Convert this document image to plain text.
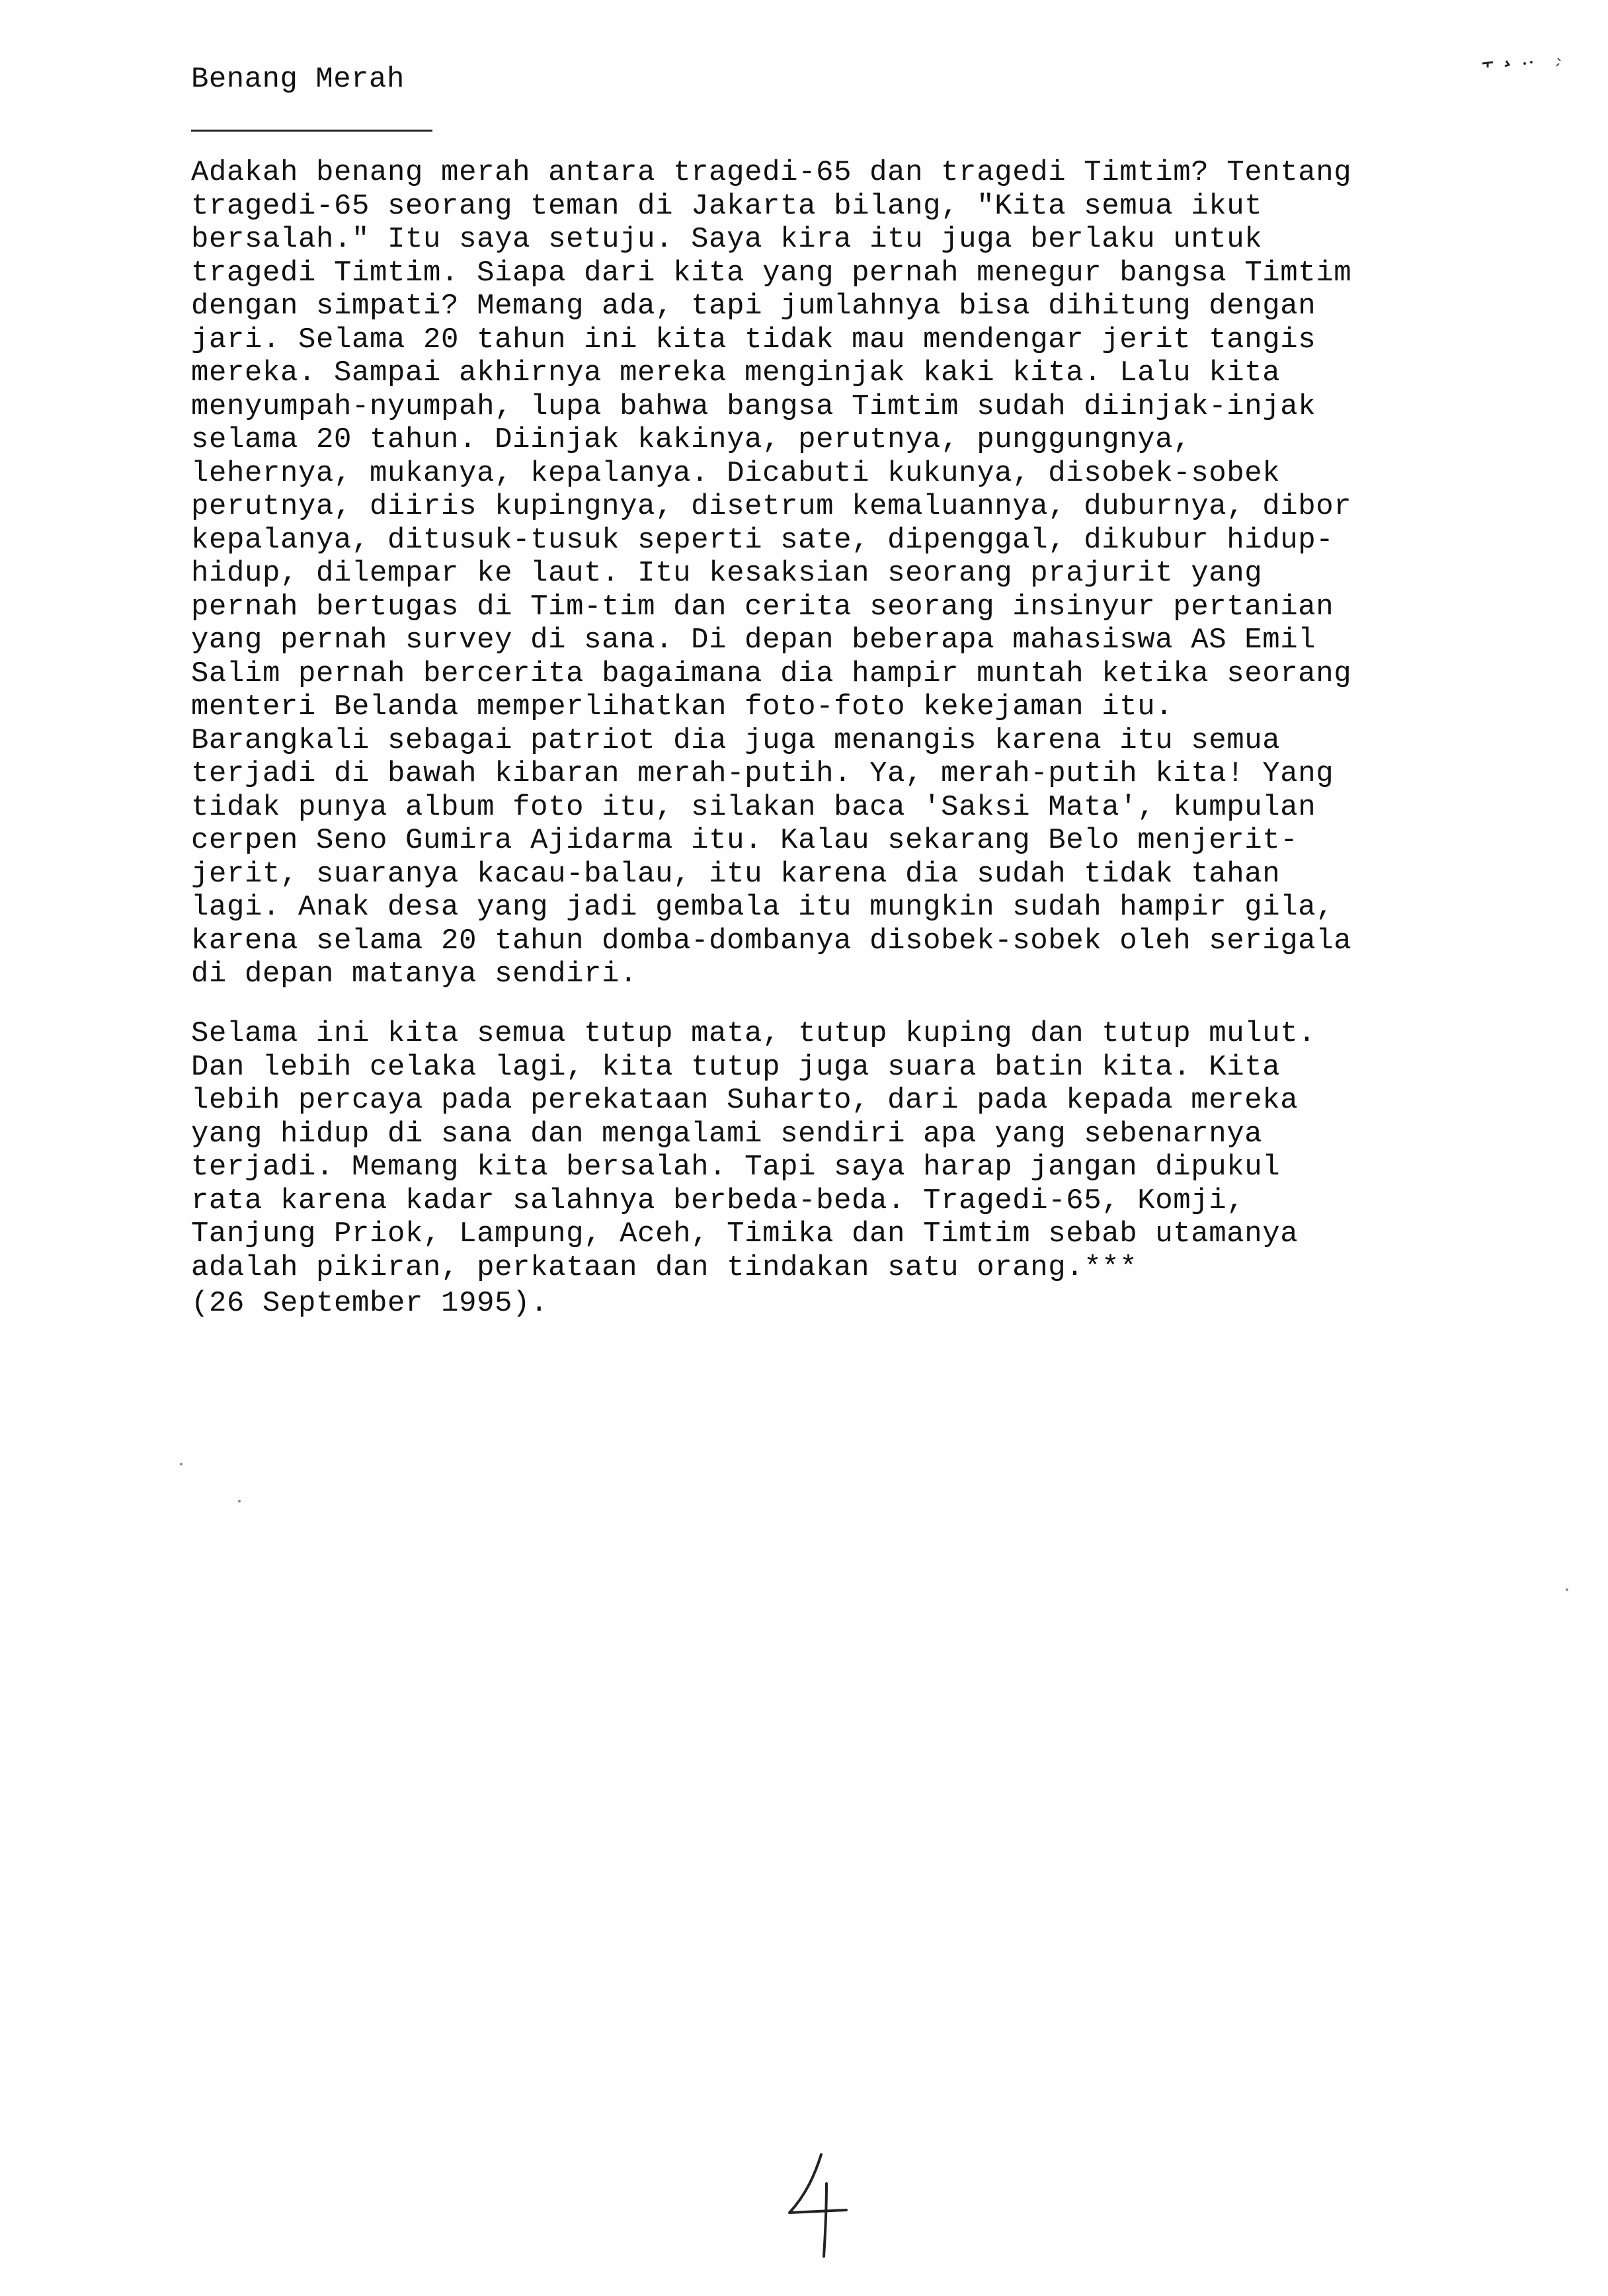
Benang Merah
Adakah benang merah antara tragedi-65 dan tragedi Timtim? Tentang
tragedi-65 seorang teman di Jakarta bilang, "Kita semua ikut
bersalah." Itu saya setuju. Saya kira itu juga berlaku untuk
tragedi Timtim. Siapa dari kita yang pernah menegur bangsa Timtim
dengan simpati? Memang ada, tapi jumlahnya bisa dihitung dengan
jari. Selama 20 tahun ini kita tidak mau mendengar jerit tangis
mereka. Sampai akhirnya mereka menginjak kaki kita. Lalu kita
menyumpah-nyumpah, lupa bahwa bangsa Timtim sudah diinjak-injak
selama 20 tahun. Diinjak kakinya, perutnya, punggungnya,
lehernya, mukanya, kepalanya. Dicabuti kukunya, disobek-sobek
perutnya, diiris kupingnya, disetrum kemaluannya, duburnya, dibor
kepalanya, ditusuk-tusuk seperti sate, dipenggal, dikubur hidup-
hidup, dilempar ke laut. Itu kesaksian seorang prajurit yang
pernah bertugas di Tim-tim dan cerita seorang insinyur pertanian
yang pernah survey di sana. Di depan beberapa mahasiswa AS Emil
Salim pernah bercerita bagaimana dia hampir muntah ketika seorang
menteri Belanda memperlihatkan foto-foto kekejaman itu.
Barangkali sebagai patriot dia juga menangis karena itu semua
terjadi di bawah kibaran merah-putih. Ya, merah-putih kita! Yang
tidak punya album foto itu, silakan baca 'Saksi Mata', kumpulan
cerpen Seno Gumira Ajidarma itu. Kalau sekarang Belo menjerit-
jerit, suaranya kacau-balau, itu karena dia sudah tidak tahan
lagi. Anak desa yang jadi gembala itu mungkin sudah hampir gila,
karena selama 20 tahun domba-dombanya disobek-sobek oleh serigala
di depan matanya sendiri.
Selama ini kita semua tutup mata, tutup kuping dan tutup mulut.
Dan lebih celaka lagi, kita tutup juga suara batin kita. Kita
lebih percaya pada perekataan Suharto, dari pada kepada mereka
yang hidup di sana dan mengalami sendiri apa yang sebenarnya
terjadi. Memang kita bersalah. Tapi saya harap jangan dipukul
rata karena kadar salahnya berbeda-beda. Tragedi-65, Komji,
Tanjung Priok, Lampung, Aceh, Timika dan Timtim sebab utamanya
adalah pikiran, perkataan dan tindakan satu orang.***
(26 September 1995).
